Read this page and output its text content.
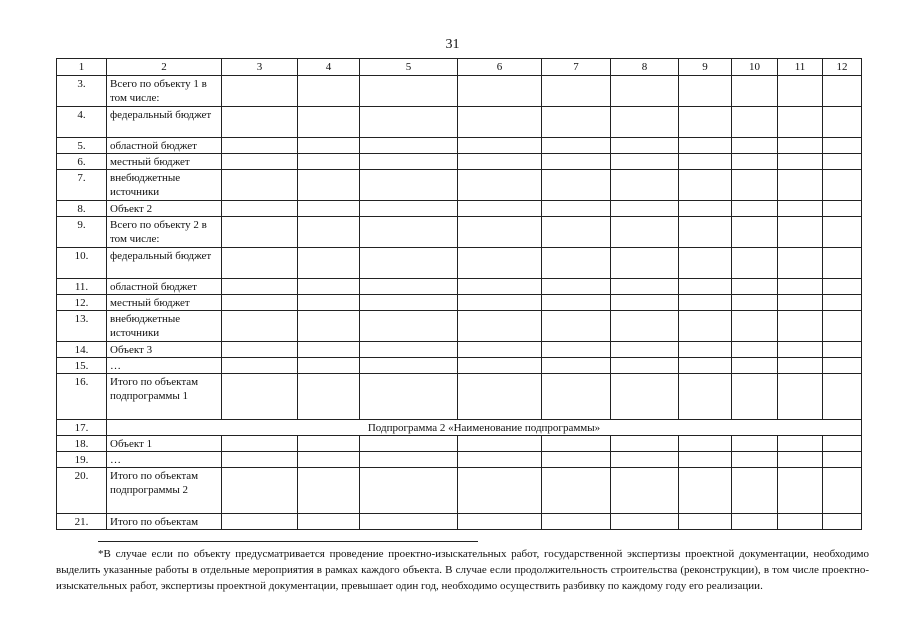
31
1	2	3	4	5	6	7	8	9	10	11	12
3.	Всего по объекту 1 в том числе:										
4.	федеральный бюджет										
5.	областной бюджет										
6.	местный бюджет										
7.	внебюджетные источники										
8.	Объект 2										
9.	Всего по объекту 2 в том числе:										
10.	федеральный бюджет										
11.	областной бюджет										
12.	местный бюджет										
13.	внебюджетные источники										
14.	Объект 3										
15.	…										
16.	Итого по объектам подпрограммы 1										
17.	Подпрограмма 2 «Наименование подпрограммы»										
18.	Объект 1										
19.	…										
20.	Итого по объектам подпрограммы 2										
21.	Итого по объектам										
*В случае если по объекту предусматривается проведение проектно-изыскательных работ, государственной экспертизы проектной документации, необходимо выделить указанные работы в отдельные мероприятия в рамках каждого объекта. В случае если продолжительность строительства (реконструкции), в том числе проектно-изыскательных работ, экспертизы проектной документации, превышает один год, необходимо осуществить разбивку по каждому году его реализации.
